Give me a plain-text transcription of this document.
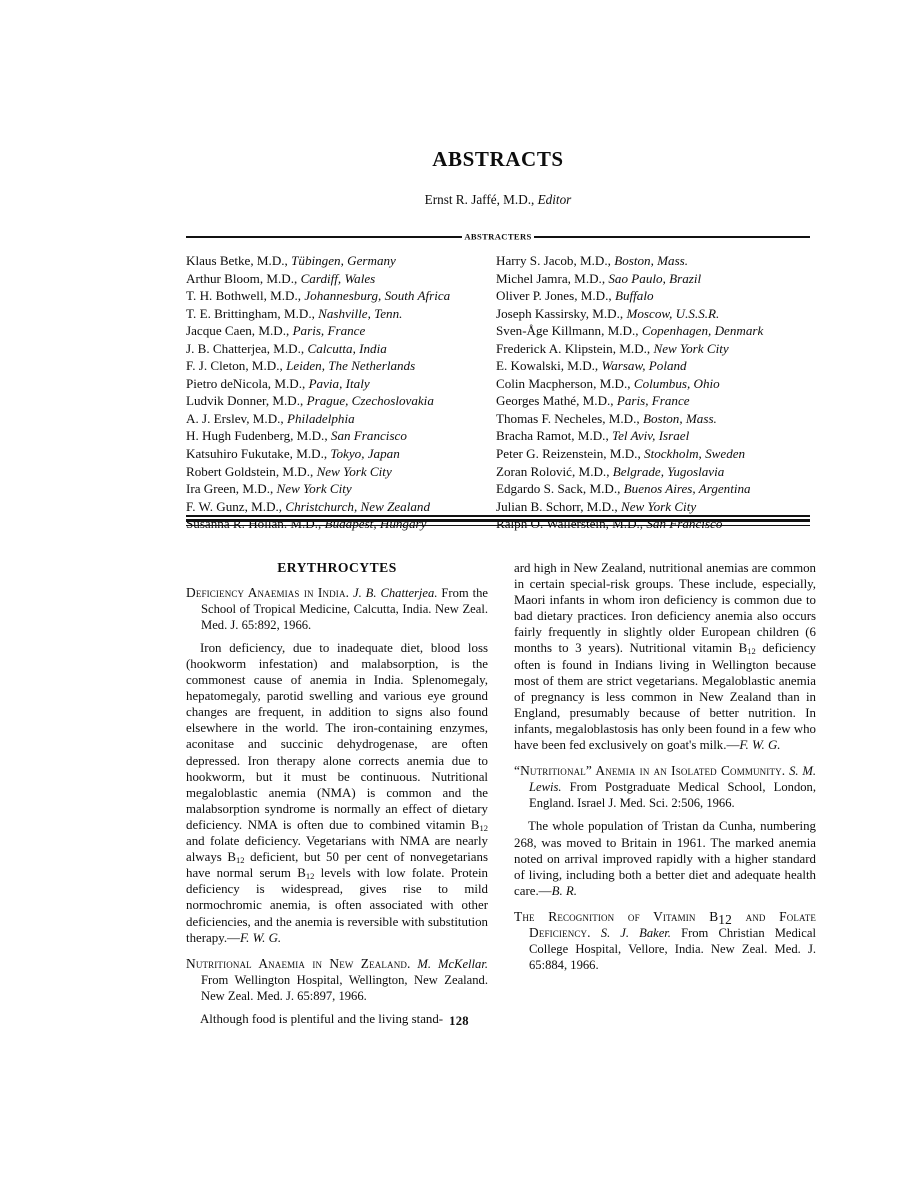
ABSTRACTS
Ernst R. Jaffé, M.D., Editor
ABSTRACTERS
Klaus Betke, M.D., Tübingen, Germany
Arthur Bloom, M.D., Cardiff, Wales
T. H. Bothwell, M.D., Johannesburg, South Africa
T. E. Brittingham, M.D., Nashville, Tenn.
Jacque Caen, M.D., Paris, France
J. B. Chatterjea, M.D., Calcutta, India
F. J. Cleton, M.D., Leiden, The Netherlands
Pietro deNicola, M.D., Pavia, Italy
Ludvik Donner, M.D., Prague, Czechoslovakia
A. J. Erslev, M.D., Philadelphia
H. Hugh Fudenberg, M.D., San Francisco
Katsuhiro Fukutake, M.D., Tokyo, Japan
Robert Goldstein, M.D., New York City
Ira Green, M.D., New York City
F. W. Gunz, M.D., Christchurch, New Zealand
Harry S. Jacob, M.D., Boston, Mass.
Michel Jamra, M.D., Sao Paulo, Brazil
Oliver P. Jones, M.D., Buffalo
Joseph Kassirsky, M.D., Moscow, U.S.S.R.
Sven-Åge Killmann, M.D., Copenhagen, Denmark
Frederick A. Klipstein, M.D., New York City
E. Kowalski, M.D., Warsaw, Poland
Colin Macpherson, M.D., Columbus, Ohio
Georges Mathé, M.D., Paris, France
Thomas F. Necheles, M.D., Boston, Mass.
Bracha Ramot, M.D., Tel Aviv, Israel
Peter G. Reizenstein, M.D., Stockholm, Sweden
Zoran Rolović, M.D., Belgrade, Yugoslavia
Edgardo S. Sack, M.D., Buenos Aires, Argentina
Julian B. Schorr, M.D., New York City
ERYTHROCYTES
Deficiency Anaemias in India. J. B. Chatterjea. From the School of Tropical Medicine, Calcutta, India. New Zeal. Med. J. 65:892, 1966.
Iron deficiency, due to inadequate diet, blood loss (hookworm infestation) and malabsorption, is the commonest cause of anemia in India. Splenomegaly, hepatomegaly, parotid swelling and various eye ground changes are frequent, in addition to signs also found elsewhere in the world. The iron-containing enzymes, aconitase and succinic dehydrogenase, are often depressed. Iron therapy alone corrects anemia due to hookworm, but it must be continuous. Nutritional megaloblastic anemia (NMA) is common and the malabsorption syndrome is normally an effect of dietary deficiency. NMA is often due to combined vitamin $B_{12}$ and folate deficiency. Vegetarians with NMA are nearly always $B_{12}$ deficient, but 50 per cent of nonvegetarians have normal serum $B_{12}$ levels with low folate. Protein deficiency is widespread, gives rise to mild normochromic anemia, is often associated with other deficiencies, and the anemia is reversible with substitution therapy.—F. W. G.
Nutritional Anaemia in New Zealand. M. McKellar. From Wellington Hospital, Wellington, New Zealand. New Zeal. Med. J. 65:897, 1966.
Although food is plentiful and the living stand-
ard high in New Zealand, nutritional anemias are common in certain special-risk groups. These include, especially, Maori infants in whom iron deficiency is common due to bad dietary practices. Iron deficiency anemia also occurs fairly frequently in slightly older European children (6 months to 3 years). Nutritional vitamin $B_{12}$ deficiency often is found in Indians living in Wellington because most of them are strict vegetarians. Megaloblastic anemia of pregnancy is less common in New Zealand than in England, presumably because of better nutrition. In infants, megaloblastosis has only been found in a few who have been fed exclusively on goat's milk.—F. W. G.
“Nutritional” Anemia in an Isolated Community. S. M. Lewis. From Postgraduate Medical School, London, England. Israel J. Med. Sci. 2:506, 1966.
The whole population of Tristan da Cunha, numbering 268, was moved to Britain in 1961. The marked anemia noted on arrival improved rapidly with a higher standard of living, including both a better diet and adequate health care.—B. R.
The Recognition of Vitamin $B_{12}$ and Folate Deficiency. S. J. Baker. From Christian Medical College Hospital, Vellore, India. New Zeal. Med. J. 65:884, 1966.
128
